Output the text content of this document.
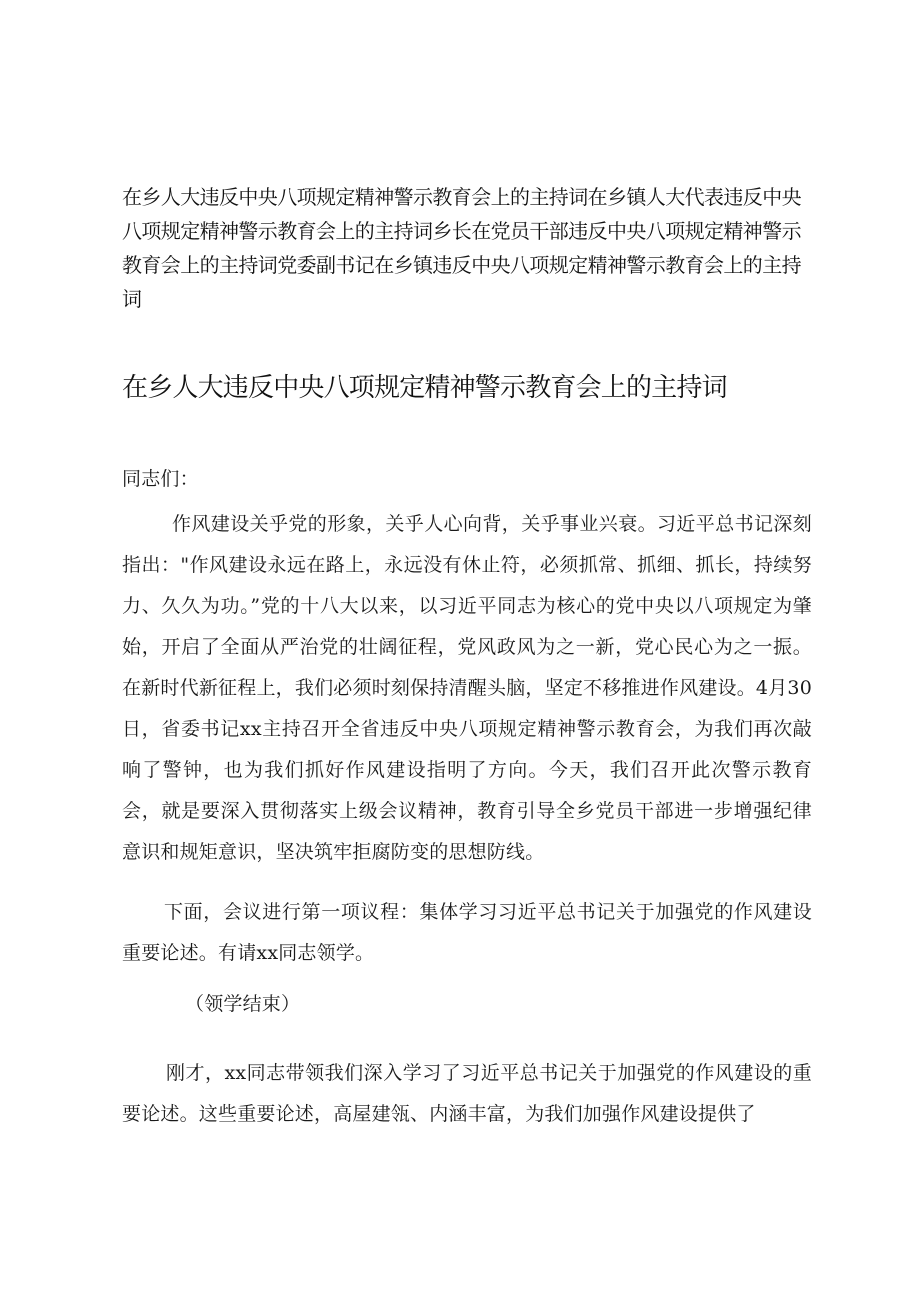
在乡人大违反中央八项规定精神警示教育会上的主持词在乡镇人大代表违反中央八项规定精神警示教育会上的主持词乡长在党员干部违反中央八项规定精神警示教育会上的主持词党委副书记在乡镇违反中央八项规定精神警示教育会上的主持词

在乡人大违反中央八项规定精神警示教育会上的主持词

同志们：

作风建设关乎党的形象，关乎人心向背，关乎事业兴衰。习近平总书记深刻指出："作风建设永远在路上，永远没有休止符，必须抓常、抓细、抓长，持续努力、久久为功。”党的十八大以来，以习近平同志为核心的党中央以八项规定为肇始，开启了全面从严治党的壮阔征程，党风政风为之一新，党心民心为之一振。在新时代新征程上，我们必须时刻保持清醒头脑，坚定不移推进作风建设。4月30日，省委书记xx主持召开全省违反中央八项规定精神警示教育会，为我们再次敲响了警钟，也为我们抓好作风建设指明了方向。今天，我们召开此次警示教育会，就是要深入贯彻落实上级会议精神，教育引导全乡党员干部进一步增强纪律意识和规矩意识，坚决筑牢拒腐防变的思想防线。

下面，会议进行第一项议程：集体学习习近平总书记关于加强党的作风建设重要论述。有请xx同志领学。

（领学结束）

刚才，xx同志带领我们深入学习了习近平总书记关于加强党的作风建设的重要论述。这些重要论述，高屋建瓴、内涵丰富，为我们加强作风建设提供了
